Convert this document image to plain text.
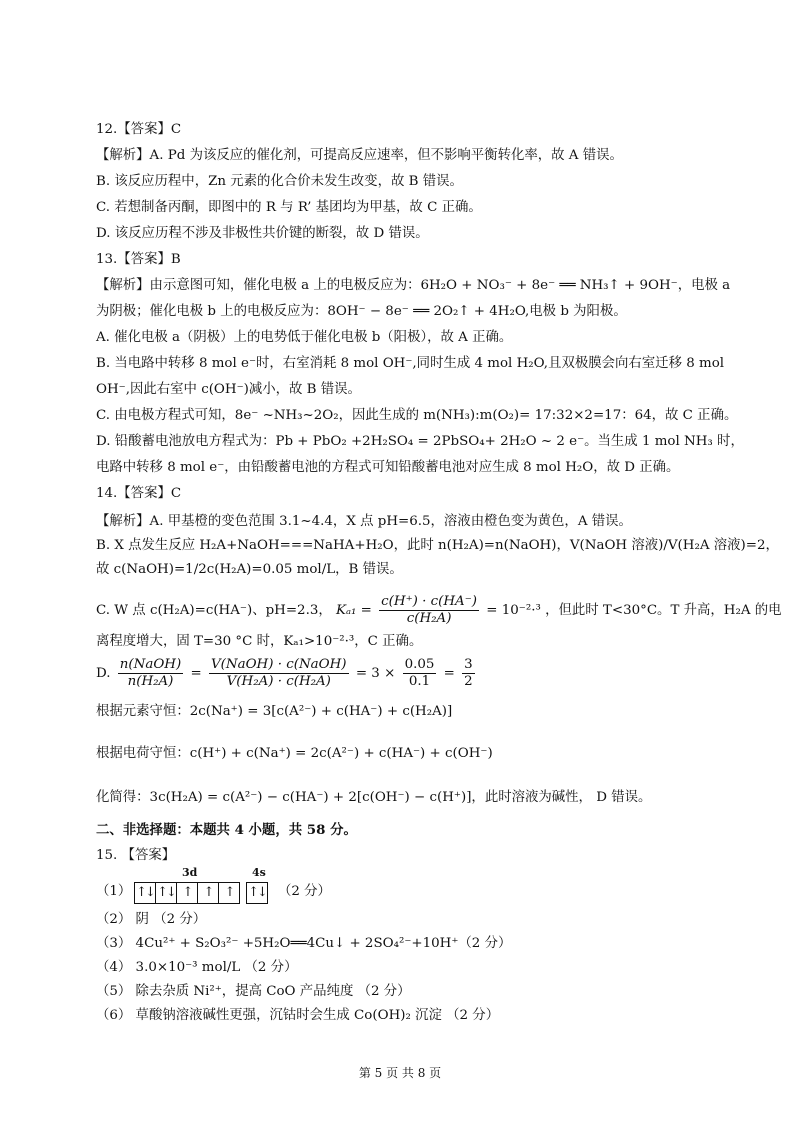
12.【答案】C
【解析】A. Pd 为该反应的催化剂，可提高反应速率，但不影响平衡转化率，故 A 错误。
B. 该反应历程中，Zn 元素的化合价未发生改变，故 B 错误。
C. 若想制备丙酮，即图中的 R 与 R’ 基团均为甲基，故 C 正确。
D. 该反应历程不涉及非极性共价键的断裂，故 D 错误。
13.【答案】B
【解析】由示意图可知，催化电极 a 上的电极反应为：6H₂O + NO₃⁻ + 8e⁻ ══ NH₃↑ + 9OH⁻，电极 a
为阴极；催化电极 b 上的电极反应为：8OH⁻ − 8e⁻ ══ 2O₂↑ + 4H₂O,电极 b 为阳极。
A. 催化电极 a（阴极）上的电势低于催化电极 b（阳极），故 A 正确。
B. 当电路中转移 8 mol e⁻时，右室消耗 8 mol OH⁻,同时生成 4 mol H₂O,且双极膜会向右室迁移 8 mol
OH⁻,因此右室中 c(OH⁻)减小，故 B 错误。
C. 由电极方程式可知，8e⁻ ~NH₃~2O₂，因此生成的 m(NH₃):m(O₂)= 17:32×2=17：64，故 C 正确。
D. 铅酸蓄电池放电方程式为：Pb + PbO₂ +2H₂SO₄ = 2PbSO₄+ 2H₂O ~ 2 e⁻。当生成 1 mol NH₃ 时，
电路中转移 8 mol e⁻，由铅酸蓄电池的方程式可知铅酸蓄电池对应生成 8 mol H₂O，故 D 正确。
14.【答案】C
【解析】A. 甲基橙的变色范围 3.1~4.4，X 点 pH=6.5，溶液由橙色变为黄色，A 错误。
B. X 点发生反应 H₂A+NaOH===NaHA+H₂O，此时 n(H₂A)=n(NaOH)，V(NaOH 溶液)/V(H₂A 溶液)=2，
故 c(NaOH)=1/2c(H₂A)=0.05 mol/L，B 错误。
C. W 点 c(H₂A)=c(HA⁻)、pH=2.3， $K_{a1} = \frac{c(H^+) \cdot c(HA^-)}{\text{c(H₂A)}} = 10^{-2}\cdot^3$ ，但此时 T<30°C。T 升高，H₂A 的电
离程度增大，固 T=30 °C 时，Kₐ₁>10⁻²·³，C 正确。
D. $\frac{\text{n(NaOH)}}{\text{n(H₂A)}} = \frac{\text{V(NaOH) · c(NaOH)}}{\text{V(H₂A) · c(H₂A)}} = 3 \times \frac{0.05}{0.1} = \frac{3}{2}$
根据元素守恒：2c(Na⁺) = 3[c(A²⁻) + c(HA⁻) + c(H₂A)]
根据电荷守恒：c(H⁺) + c(Na⁺) = 2c(A²⁻) + c(HA⁻) + c(OH⁻)
化简得：3c(H₂A) = c(A²⁻) − c(HA⁻) + 2[c(OH⁻) − c(H⁺)]，此时溶液为碱性， D 错误。
二、非选择题：本题共 4 小题，共 58 分。
15. 【答案】
（1）
3d	4s
↑↓ ↑↓ ↑ ↑ ↑	↑↓ （2 分）
（2） 阴 （2 分）
（3） 4Cu²⁺ + S₂O₃²⁻ +5H₂O══4Cu↓ + 2SO₄²⁻+10H⁺（2 分）
（4） 3.0×10⁻³ mol/L （2 分）
（5） 除去杂质 Ni²⁺，提高 CoO 产品纯度 （2 分）
（6） 草酸钠溶液碱性更强，沉钴时会生成 Co(OH)₂ 沉淀 （2 分）
第 5 页 共 8 页
